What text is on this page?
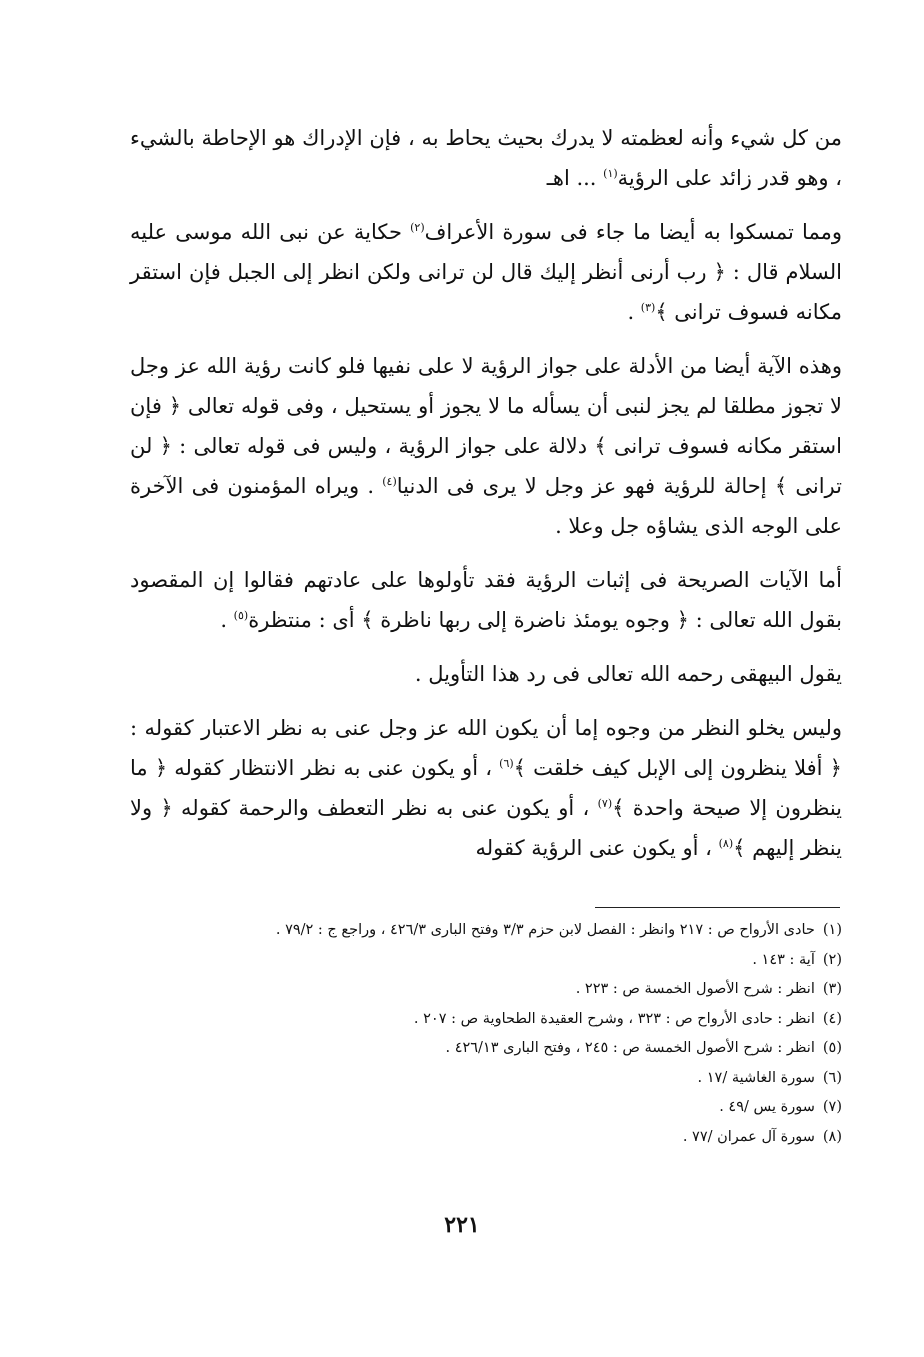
من كل شيء وأنه لعظمته لا يدرك بحيث يحاط به ، فإن الإدراك هو الإحاطة بالشيء ، وهو قدر زائد على الرؤية$^{(١)}$ ... اهـ

ومما تمسكوا به أيضا ما جاء فى سورة الأعراف$^{(٢)}$ حكاية عن نبى الله موسى عليه السلام قال : ﴿ رب أرنى أنظر إليك قال لن ترانى ولكن انظر إلى الجبل فإن استقر مكانه فسوف ترانى ﴾$^{(٣)}$ .

وهذه الآية أيضا من الأدلة على جواز الرؤية لا على نفيها فلو كانت رؤية الله عز وجل لا تجوز مطلقا لم يجز لنبى أن يسأله ما لا يجوز أو يستحيل ، وفى قوله تعالى ﴿ فإن استقر مكانه فسوف ترانى ﴾ دلالة على جواز الرؤية ، وليس فى قوله تعالى : ﴿ لن ترانى ﴾ إحالة للرؤية فهو عز وجل لا يرى فى الدنيا$^{(٤)}$ . ويراه المؤمنون فى الآخرة على الوجه الذى يشاؤه جل وعلا .

أما الآيات الصريحة فى إثبات الرؤية فقد تأولوها على عادتهم فقالوا إن المقصود بقول الله تعالى : ﴿ وجوه يومئذ ناضرة إلى ربها ناظرة ﴾ أى : منتظرة$^{(٥)}$ .

يقول البيهقى رحمه الله تعالى فى رد هذا التأويل .

وليس يخلو النظر من وجوه إما أن يكون الله عز وجل عنى به نظر الاعتبار كقوله : ﴿ أفلا ينظرون إلى الإبل كيف خلقت ﴾$^{(٦)}$ ، أو يكون عنى به نظر الانتظار كقوله ﴿ ما ينظرون إلا صيحة واحدة ﴾$^{(٧)}$ ، أو يكون عنى به نظر التعطف والرحمة كقوله ﴿ ولا ينظر إليهم ﴾$^{(٨)}$ ، أو يكون عنى الرؤية كقوله

(١)حادى الأرواح ص : ٢١٧ وانظر : الفصل لابن حزم ٣/٣ وفتح البارى ٤٢٦/٣ ، وراجع ج : ٧٩/٢ .

(٢)آية : ١٤٣ .

(٣)انظر : شرح الأصول الخمسة ص : ٢٢٣ .

(٤)انظر : حادى الأرواح ص : ٣٢٣ ، وشرح العقيدة الطحاوية ص : ٢٠٧ .

(٥)انظر : شرح الأصول الخمسة ص : ٢٤٥ ، وفتح البارى ٤٢٦/١٣ .

(٦)سورة الغاشية /١٧ .

(٧)سورة يس /٤٩ .

(٨)سورة آل عمران /٧٧ .

٢٢١
